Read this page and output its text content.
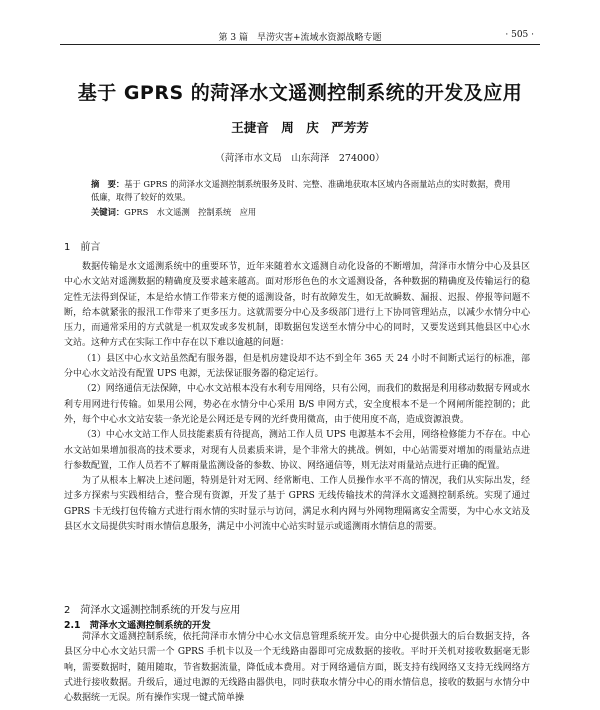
第 3 篇　旱涝灾害+流域水资源战略专题	· 505 ·
基于 GPRS 的菏泽水文遥测控制系统的开发及应用
王捷音　周　庆　严芳芳
（菏泽市水文局　山东菏泽　274000）
摘　要：基于 GPRS 的菏泽水文遥测控制系统服务及时、完整、准确地获取本区域内各雨量站点的实时数据，费用低廉，取得了较好的效果。
关键词：GPRS　水文遥测　控制系统　应用
1　前言

数据传输是水文遥测系统中的重要环节，近年来随着水文遥测自动化设备的不断增加，菏泽市水情分中心及县区中心水文站对遥测数据的精确度及要求越来越高。面对形形色色的水文遥测设备，各种数据的精确度及传输运行的稳定性无法得到保证，本是给水情工作带来方便的遥测设备，时有故障发生，如无故瞬数、漏报、迟报、停报等问题不断，给本就紧张的报汛工作带来了更多压力。这就需要分中心及多级部门进行上下协同管理站点，以减少水情分中心压力，而通常采用的方式就是一机双发或多发机制，即数据包发送至水情分中心的同时，又要发送到其他县区中心水文站。这种方式在实际工作中存在以下难以逾越的问题：

（1）县区中心水文站虽然配有服务器，但是机房建设却不达不到全年 365 天 24 小时不间断式运行的标准，部分中心水文站没有配置 UPS 电源，无法保证服务器的稳定运行。

（2）网络通信无法保障，中心水文站根本没有水利专用网络，只有公网，而我们的数据是利用移动数据专网或水利专用网进行传输。如果用公网，势必在水情分中心采用 B/S 申网方式，安全度根本不是一个网闸所能控制的；此外，每个中心水文站安装一条光论是公网还是专网的光纤费用微高，由于使用度不高，造成资源浪费。

（3）中心水文站工作人员技能素质有待提高，测站工作人员 UPS 电源基本不会用，网络检修能力不存在。中心水文站如果增加很高的技术要求，对现有人员素质来讲，是个非常大的挑战。例如，中心站需要对增加的雨量站点进行参数配置，工作人员若不了解雨量监测设备的参数、协议、网络通信等，则无法对雨量站点进行正确的配置。

为了从根本上解决上述问题，特别是针对无网、经常断电、工作人员操作水平不高的情况，我们从实际出发，经过多方探索与实践相结合，整合现有资源，开发了基于 GPRS 无线传输技术的菏泽水文遥测控制系统。实现了通过 GPRS 卡无线打包传输方式进行雨水情的实时显示与访问，满足水利内网与外网物理隔离安全需要，为中心水文站及县区水文局提供实时雨水情信息服务，满足中小河流中心站实时显示或遥测雨水情信息的需要。

2　菏泽水文遥测控制系统的开发与应用
2.1　菏泽水文遥测控制系统的开发

菏泽水文遥测控制系统，依托菏泽市水情分中心水文信息管理系统开发。由分中心提供强大的后台数据支持，各县区分中心水文站只需一个 GPRS 手机卡以及一个无线路由器即可完成数据的接收。平时开关机对接收数据毫无影响，需要数据时，随用随取，节省数据流量，降低成本费用。对于网络通信方面，既支持有线网络又支持无线网络方式进行接收数据。升级后，通过电源的无线路由器供电，同时获取水情分中心的雨水情信息，接收的数据与水情分中心数据统一无误。所有操作实现一键式简单操
